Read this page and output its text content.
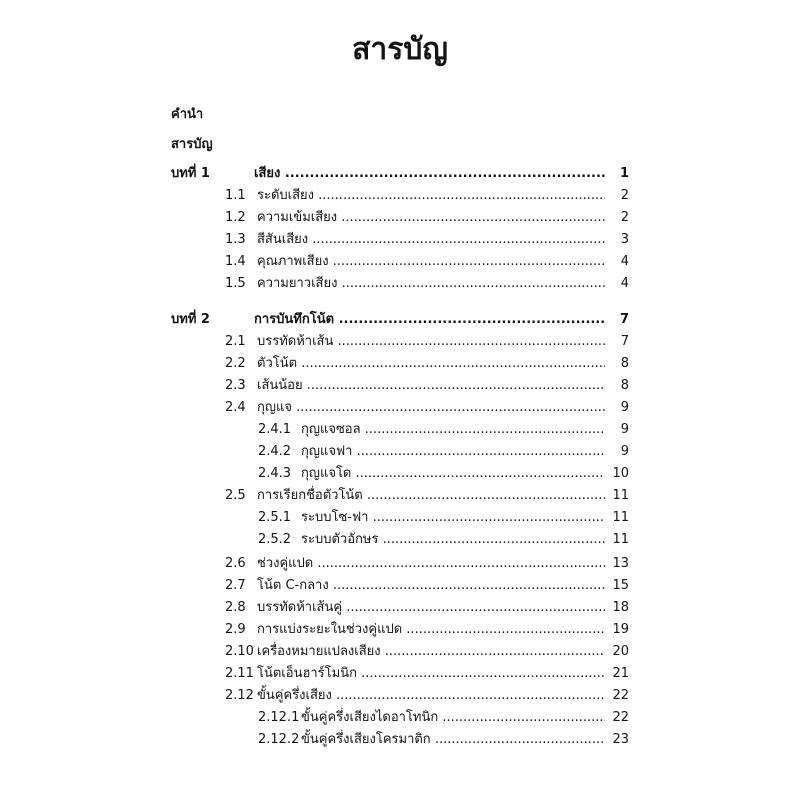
สารบัญ
คำนำ
สารบัญ
บทที่ 1	เสียง .....	1
1.1 ระดับเสียง .....	2
1.2 ความเข้มเสียง .....	2
1.3 สีสันเสียง .....	3
1.4 คุณภาพเสียง .....	4
1.5 ความยาวเสียง .....	4
บทที่ 2	การบันทึกโน้ต .....	7
2.1 บรรทัดห้าเส้น .....	7
2.2 ตัวโน้ต .....	8
2.3 เส้นน้อย .....	8
2.4 กุญแจ .....	9
2.4.1 กุญแจซอล .....	9
2.4.2 กุญแจฟา .....	9
2.4.3 กุญแจโด .....	10
2.5 การเรียกชื่อตัวโน้ต .....	11
2.5.1 ระบบโซ-ฟา .....	11
2.5.2 ระบบตัวอักษร .....	11
2.6 ช่วงคู่แปด .....	13
2.7 โน้ต C-กลาง .....	15
2.8 บรรทัดห้าเส้นคู่ .....	18
2.9 การแบ่งระยะในช่วงคู่แปด .....	19
2.10 เครื่องหมายแปลงเสียง .....	20
2.11 โน้ตเอ็นฮาร์โมนิก .....	21
2.12 ขั้นคู่ครึ่งเสียง .....	22
2.12.1 ขั้นคู่ครึ่งเสียงไดอาโทนิก .....	22
2.12.2 ขั้นคู่ครึ่งเสียงโครมาติก .....	23
